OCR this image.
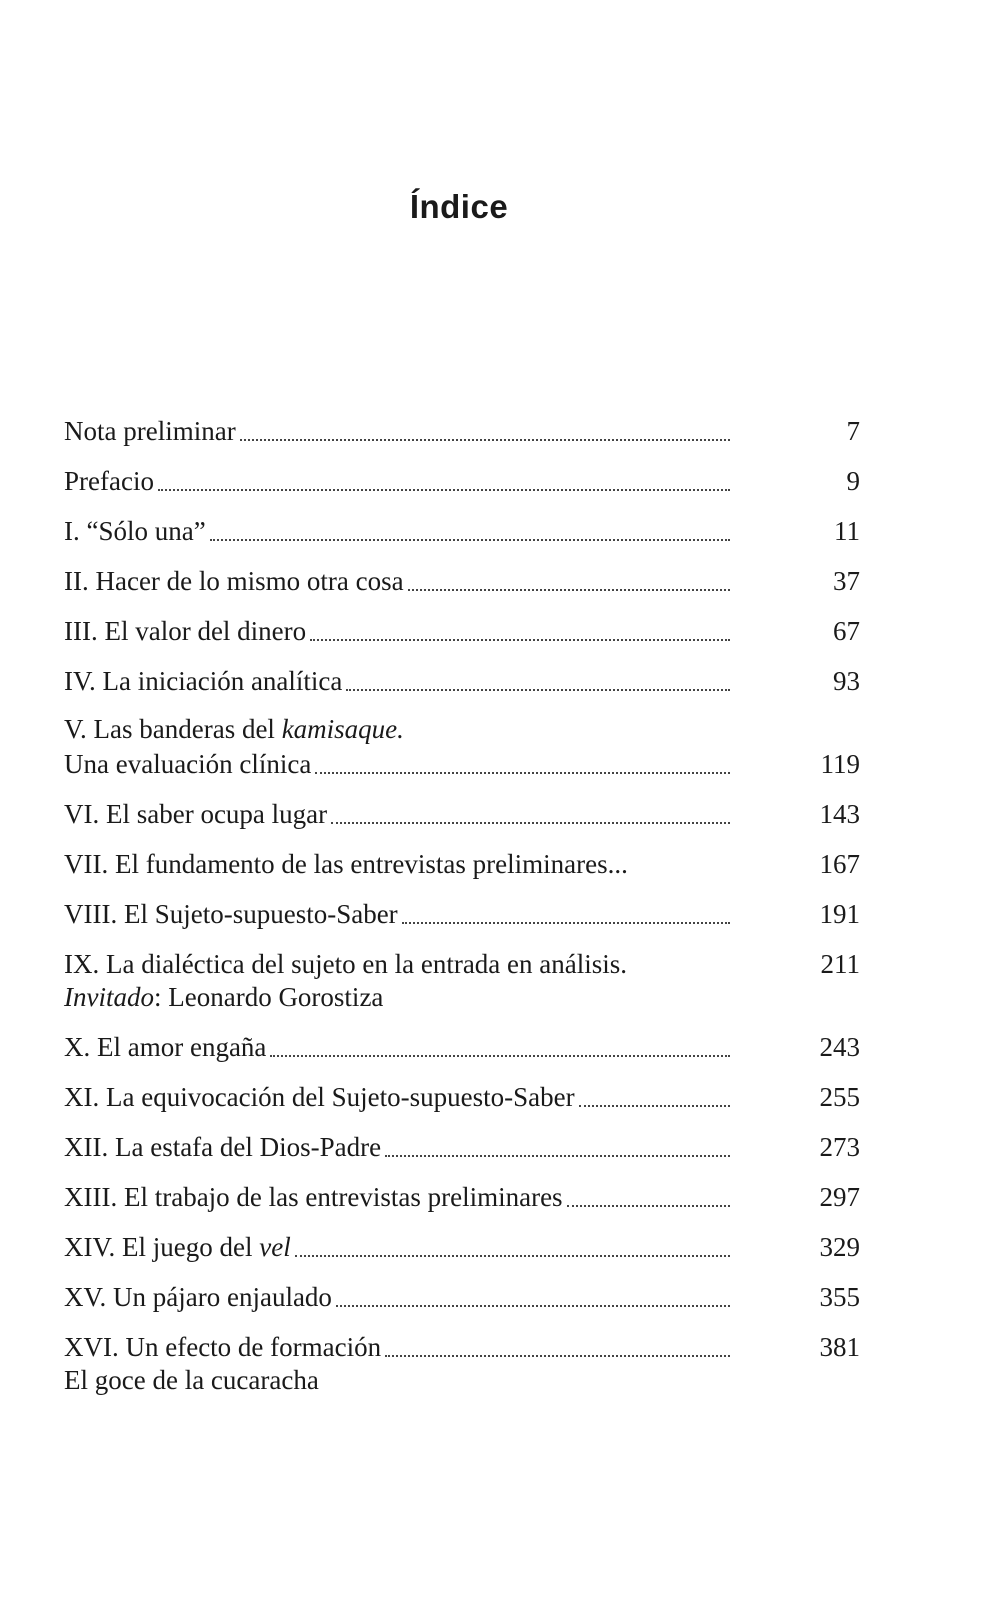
Índice
Nota preliminar	7
Prefacio	9
I. “Sólo una”	11
II. Hacer de lo mismo otra cosa	37
III. El valor del dinero	67
IV. La iniciación analítica	93
V. Las banderas del kamisaque.
Una evaluación clínica	119
VI. El saber ocupa lugar	143
VII. El fundamento de las entrevistas preliminares...	167
VIII. El Sujeto-supuesto-Saber	191
IX. La dialéctica del sujeto en la entrada en análisis.	211
Invitado: Leonardo Gorostiza
X. El amor engaña	243
XI. La equivocación del Sujeto-supuesto-Saber	255
XII. La estafa del Dios-Padre	273
XIII. El trabajo de las entrevistas preliminares	297
XIV. El juego del vel	329
XV. Un pájaro enjaulado	355
XVI. Un efecto de formación	381
El goce de la cucaracha
